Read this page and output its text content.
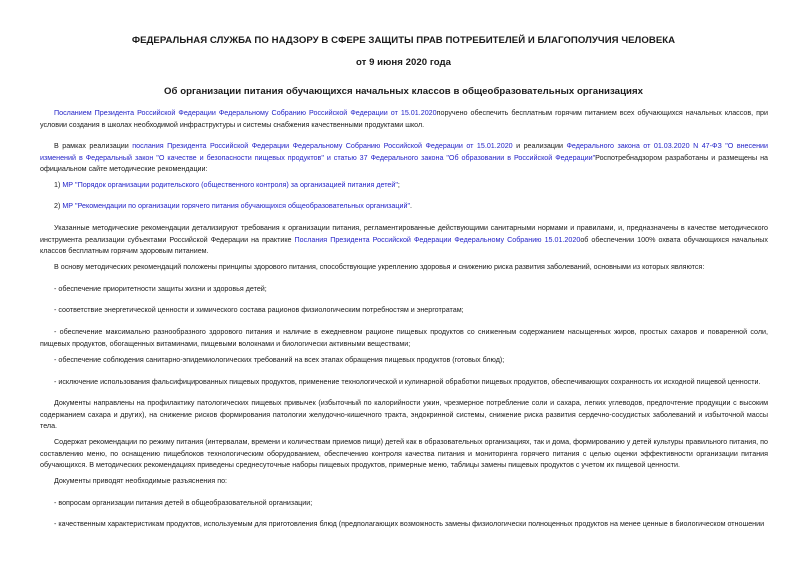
ФЕДЕРАЛЬНАЯ СЛУЖБА ПО НАДЗОРУ В СФЕРЕ ЗАЩИТЫ ПРАВ ПОТРЕБИТЕЛЕЙ И БЛАГОПОЛУЧИЯ ЧЕЛОВЕКА
от 9 июня 2020 года
Об организации питания обучающихся начальных классов в общеобразовательных организациях

Посланием Президента Российской Федерации Федеральному Собранию Российской Федерации от 15.01.2020поручено обеспечить бесплатным горячим питанием всех обучающихся начальных классов, при условии создания в школах необходимой инфраструктуры и системы снабжения качественными продуктами школ.

В рамках реализации послания Президента Российской Федерации Федеральному Собранию Российской Федерации от 15.01.2020 и реализации Федерального закона от 01.03.2020 N 47-ФЗ "О внесении изменений в Федеральный закон "О качестве и безопасности пищевых продуктов" и статью 37 Федерального закона "Об образовании в Российской Федерации"Роспотребнадзором разработаны и размещены на официальном сайте методические рекомендации:

1) МР "Порядок организации родительского (общественного контроля) за организацией питания детей";

2) МР "Рекомендации по организации горячего питания обучающихся общеобразовательных организаций".

Указанные методические рекомендации детализируют требования к организации питания, регламентированные действующими санитарными нормами и правилами, и, предназначены в качестве методического инструмента реализации субъектами Российской Федерации на практике Послания Президента Российской Федерации Федеральному Собранию 15.01.2020об обеспечении 100% охвата обучающихся начальных классов бесплатным горячим здоровым питанием.

В основу методических рекомендаций положены принципы здорового питания, способствующие укреплению здоровья и снижению риска развития заболеваний, основными из которых являются:

- обеспечение приоритетности защиты жизни и здоровья детей;

- соответствие энергетической ценности и химического состава рационов физиологическим потребностям и энерготратам;

- обеспечение максимально разнообразного здорового питания и наличие в ежедневном рационе пищевых продуктов со сниженным содержанием насыщенных жиров, простых сахаров и поваренной соли, пищевых продуктов, обогащенных витаминами, пищевыми волокнами и биологически активными веществами;

- обеспечение соблюдения санитарно-эпидемиологических требований на всех этапах обращения пищевых продуктов (готовых блюд);

- исключение использования фальсифицированных пищевых продуктов, применение технологической и кулинарной обработки пищевых продуктов, обеспечивающих сохранность их исходной пищевой ценности.

Документы направлены на профилактику патологических пищевых привычек (избыточный по калорийности ужин, чрезмерное потребление соли и сахара, легких углеводов, предпочтение продукции с высоким содержанием сахара и других), на снижение рисков формирования патологии желудочно-кишечного тракта, эндокринной системы, снижение риска развития сердечно-сосудистых заболеваний и избыточной массы тела.

Содержат рекомендации по режиму питания (интервалам, времени и количествам приемов пищи) детей как в образовательных организациях, так и дома, формированию у детей культуры правильного питания, по составлению меню, по оснащению пищеблоков технологическим оборудованием, обеспечению контроля качества питания и мониторинга горячего питания с целью оценки эффективности организации питания обучающихся. В методических рекомендациях приведены среднесуточные наборы пищевых продуктов, примерные меню, таблицы замены пищевых продуктов с учетом их пищевой ценности.

Документы приводят необходимые разъяснения по:

- вопросам организации питания детей в общеобразовательной организации;

- качественным характеристикам продуктов, используемым для приготовления блюд (предполагающих возможность замены физиологически полноценных продуктов на менее ценные в биологическом отношении
